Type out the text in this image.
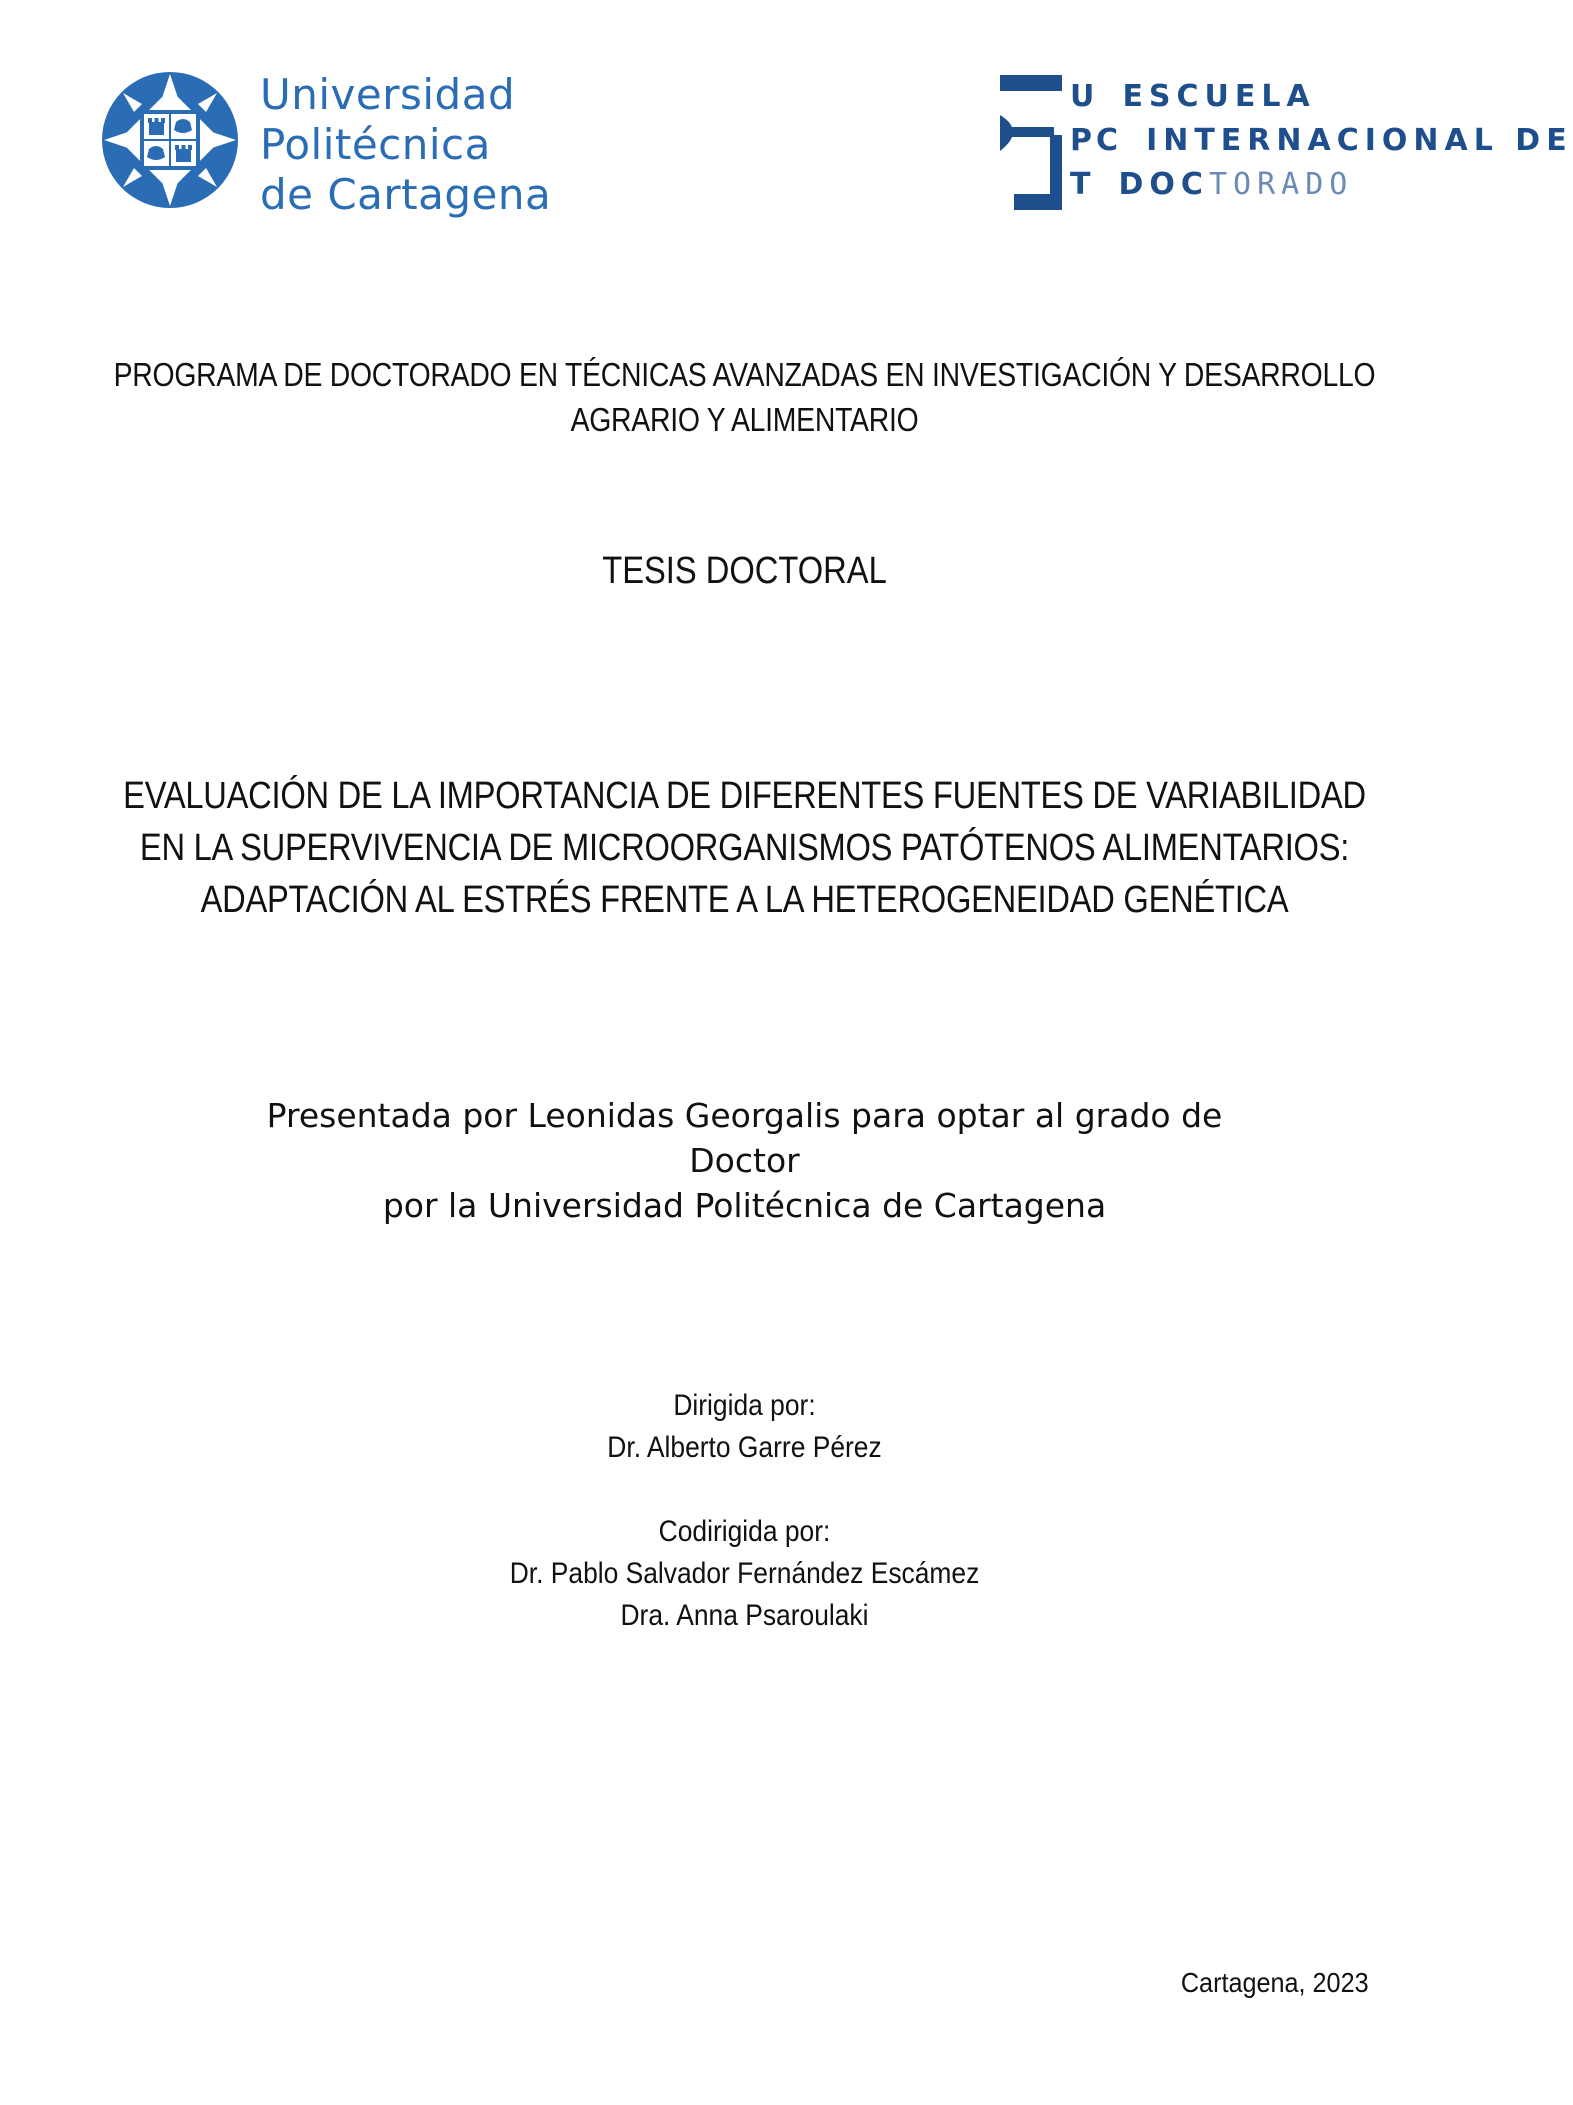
Universidad
Politécnica
de Cartagena
U ESCUELA
PC INTERNACIONAL DE
T DOCTORADO
PROGRAMA DE DOCTORADO EN TÉCNICAS AVANZADAS EN INVESTIGACIÓN Y DESARROLLO
AGRARIO Y ALIMENTARIO
TESIS DOCTORAL
EVALUACIÓN DE LA IMPORTANCIA DE DIFERENTES FUENTES DE VARIABILIDAD
EN LA SUPERVIVENCIA DE MICROORGANISMOS PATÓTENOS ALIMENTARIOS:
ADAPTACIÓN AL ESTRÉS FRENTE A LA HETEROGENEIDAD GENÉTICA
Presentada por Leonidas Georgalis para optar al grado de
Doctor
por la Universidad Politécnica de Cartagena
Dirigida por:
Dr. Alberto Garre Pérez
Codirigida por:
Dr. Pablo Salvador Fernández Escámez
Dra. Anna Psaroulaki
Cartagena, 2023
